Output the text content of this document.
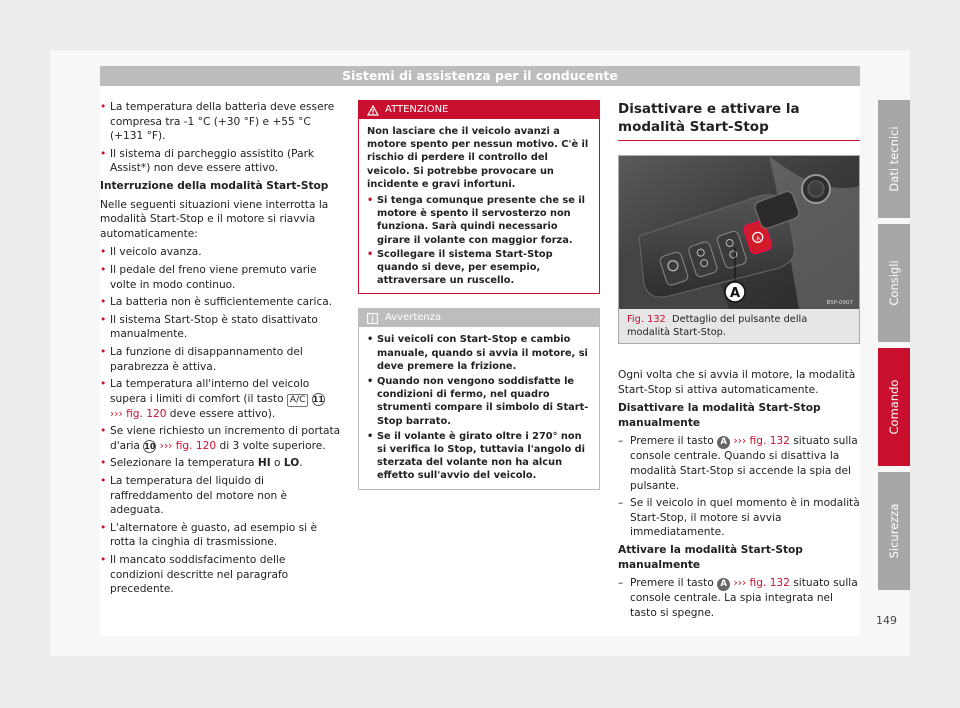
Sistemi di assistenza per il conducente
• La temperatura della batteria deve essere compresa tra -1 °C (+30 °F) e +55 °C (+131 °F).
• Il sistema di parcheggio assistito (Park Assist*) non deve essere attivo.
Interruzione della modalità Start-Stop
Nelle seguenti situazioni viene interrotta la modalità Start-Stop e il motore si riavvia automaticamente:
• Il veicolo avanza.
• Il pedale del freno viene premuto varie volte in modo continuo.
• La batteria non è sufficientemente carica.
• Il sistema Start-Stop è stato disattivato manualmente.
• La funzione di disappannamento del parabrezza è attiva.
• La temperatura all'interno del veicolo supera i limiti di comfort (il tasto A/C 11
››› fig. 120 deve essere attivo).
• Se viene richiesto un incremento di portata d'aria 10 ››› fig. 120 di 3 volte superiore.
• Selezionare la temperatura HI o LO.
• La temperatura del liquido di raffreddamento del motore non è adeguata.
• L'alternatore è guasto, ad esempio si è rotta la cinghia di trasmissione.
• Il mancato soddisfacimento delle condizioni descritte nel paragrafo precedente.
ATTENZIONE
Non lasciare che il veicolo avanzi a motore spento per nessun motivo. C'è il rischio di perdere il controllo del veicolo. Si potrebbe provocare un incidente e gravi infortuni.
• Si tenga comunque presente che se il motore è spento il servosterzo non funziona. Sarà quindi necessario girare il volante con maggior forza.
• Scollegare il sistema Start-Stop quando si deve, per esempio, attraversare un ruscello.
Avvertenza
• Sui veicoli con Start-Stop e cambio manuale, quando si avvia il motore, si deve premere la frizione.
• Quando non vengono soddisfatte le condizioni di fermo, nel quadro strumenti compare il simbolo di Start-Stop barrato.
• Se il volante è girato oltre i 270° non si verifica lo Stop, tuttavia l'angolo di sterzata del volante non ha alcun effetto sull'avvio del veicolo.
Disattivare e attivare la modalità Start-Stop
A
A
B5P-0907
Fig. 132 Dettaglio del pulsante della modalità Start-Stop.
Ogni volta che si avvia il motore, la modalità Start-Stop si attiva automaticamente.
Disattivare la modalità Start-Stop manualmente
– Premere il tasto A ››› fig. 132 situato sulla console centrale. Quando si disattiva la modalità Start-Stop si accende la spia del pulsante.
– Se il veicolo in quel momento è in modalità Start-Stop, il motore si avvia immediatamente.
Attivare la modalità Start-Stop manualmente
– Premere il tasto A ››› fig. 132 situato sulla console centrale. La spia integrata nel tasto si spegne.
Dati tecnici
Consigli
Comando
Sicurezza
149
